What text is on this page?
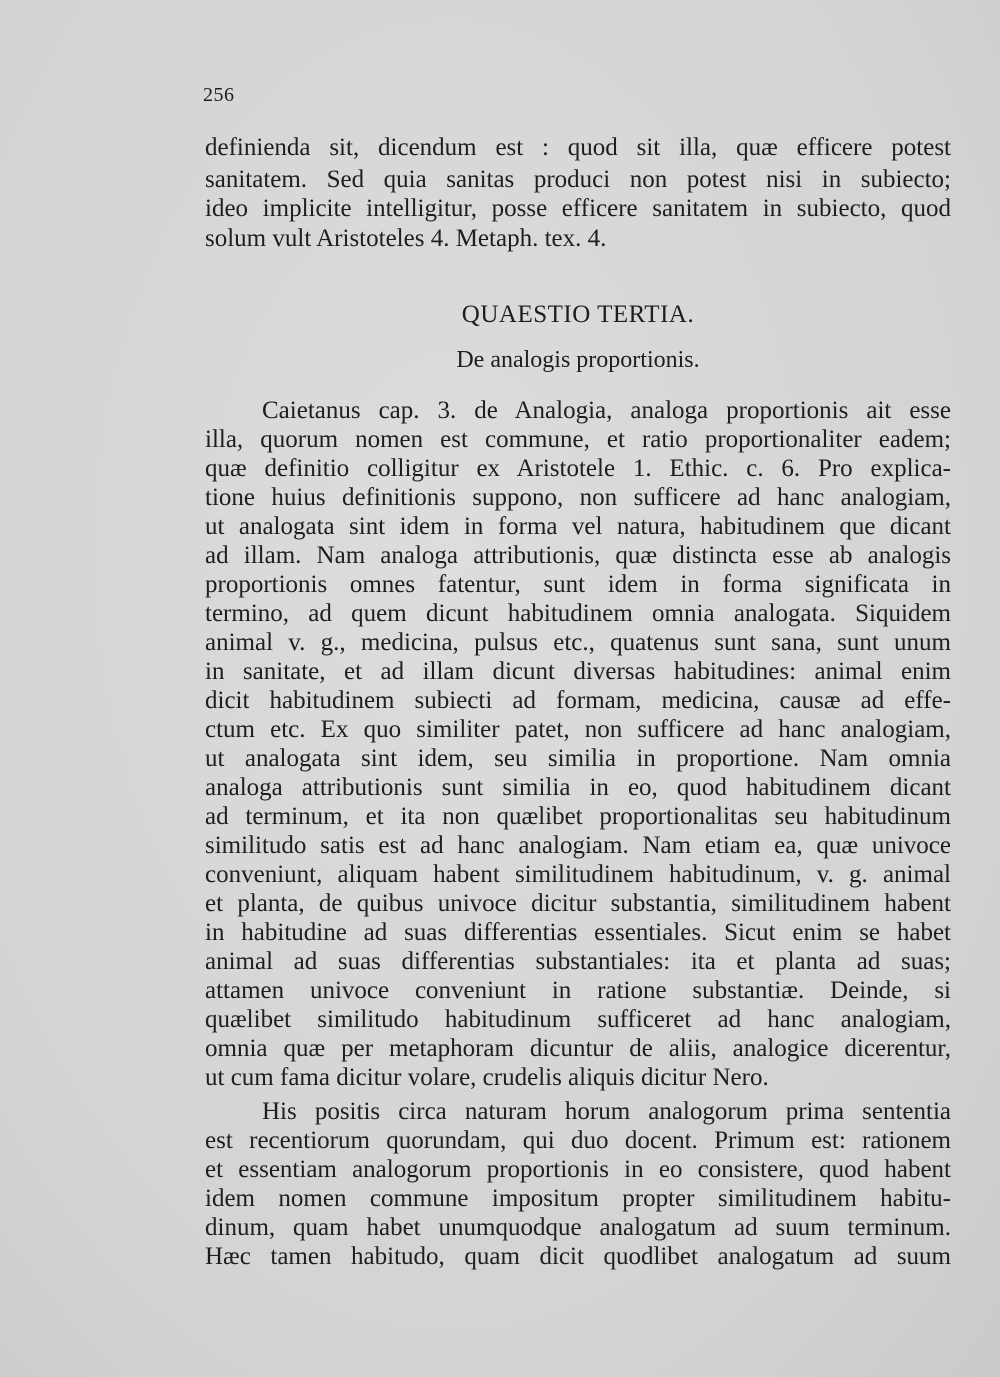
256
definienda sit, dicendum est : quod sit illa, quæ efficere potest
sanitatem. Sed quia sanitas produci non potest nisi in subiecto;
ideo implicite intelligitur, posse efficere sanitatem in subiecto, quod
solum vult Aristoteles 4. Metaph. tex. 4.
QUAESTIO TERTIA.
De analogis proportionis.
Caietanus cap. 3. de Analogia, analoga proportionis ait esse
illa, quorum nomen est commune, et ratio proportionaliter eadem;
quæ definitio colligitur ex Aristotele 1. Ethic. c. 6. Pro explica-
tione huius definitionis suppono, non sufficere ad hanc analogiam,
ut analogata sint idem in forma vel natura, habitudinem que dicant
ad illam. Nam analoga attributionis, quæ distincta esse ab analogis
proportionis omnes fatentur, sunt idem in forma significata in
termino, ad quem dicunt habitudinem omnia analogata. Siquidem
animal v. g., medicina, pulsus etc., quatenus sunt sana, sunt unum
in sanitate, et ad illam dicunt diversas habitudines: animal enim
dicit habitudinem subiecti ad formam, medicina, causæ ad effe-
ctum etc. Ex quo similiter patet, non sufficere ad hanc analogiam,
ut analogata sint idem, seu similia in proportione. Nam omnia
analoga attributionis sunt similia in eo, quod habitudinem dicant
ad terminum, et ita non quælibet proportionalitas seu habitudinum
similitudo satis est ad hanc analogiam. Nam etiam ea, quæ univoce
conveniunt, aliquam habent similitudinem habitudinum, v. g. animal
et planta, de quibus univoce dicitur substantia, similitudinem habent
in habitudine ad suas differentias essentiales. Sicut enim se habet
animal ad suas differentias substantiales: ita et planta ad suas;
attamen univoce conveniunt in ratione substantiæ. Deinde, si
quælibet similitudo habitudinum sufficeret ad hanc analogiam,
omnia quæ per metaphoram dicuntur de aliis, analogice dicerentur,
ut cum fama dicitur volare, crudelis aliquis dicitur Nero.
His positis circa naturam horum analogorum prima sententia
est recentiorum quorundam, qui duo docent. Primum est: rationem
et essentiam analogorum proportionis in eo consistere, quod habent
idem nomen commune impositum propter similitudinem habitu-
dinum, quam habet unumquodque analogatum ad suum terminum.
Hæc tamen habitudo, quam dicit quodlibet analogatum ad suum
